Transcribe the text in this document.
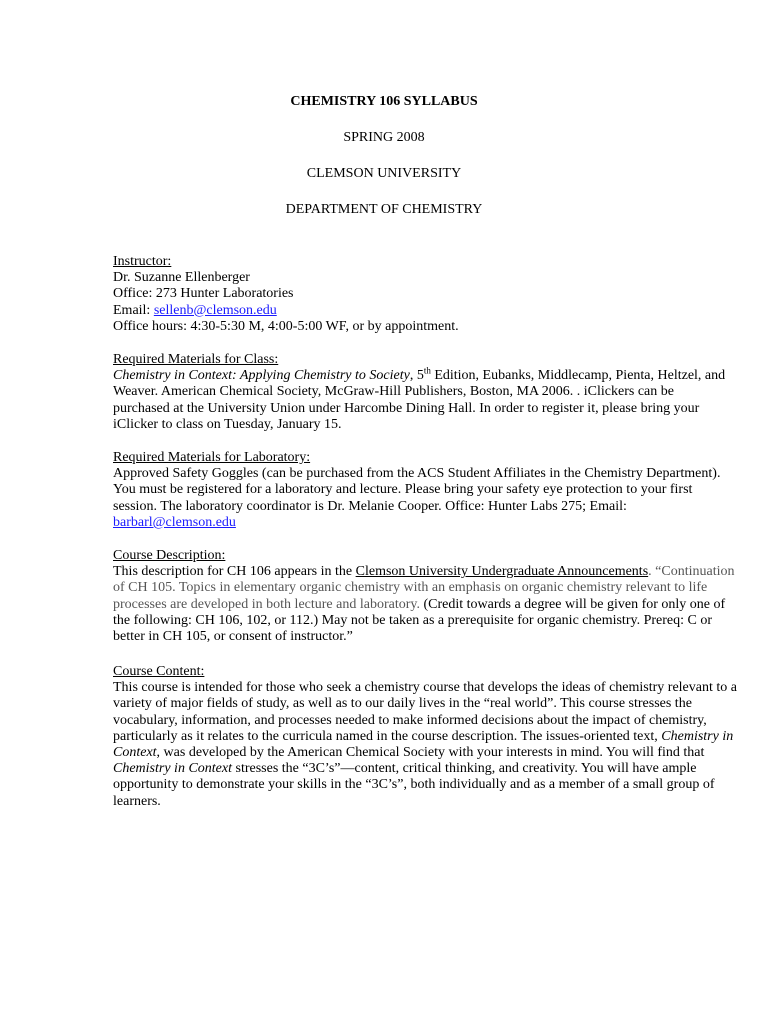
CHEMISTRY 106 SYLLABUS
SPRING 2008
CLEMSON UNIVERSITY
DEPARTMENT OF CHEMISTRY
Instructor:
Dr. Suzanne Ellenberger
Office: 273 Hunter Laboratories
Email: sellenb@clemson.edu
Office hours: 4:30-5:30 M, 4:00-5:00 WF, or by appointment.
Required Materials for Class:
Chemistry in Context: Applying Chemistry to Society, 5th Edition, Eubanks, Middlecamp, Pienta, Heltzel, and
Weaver. American Chemical Society, McGraw-Hill Publishers, Boston, MA 2006. . iClickers can be
purchased at the University Union under Harcombe Dining Hall. In order to register it, please bring your
iClicker to class on Tuesday, January 15.
Required Materials for Laboratory:
Approved Safety Goggles (can be purchased from the ACS Student Affiliates in the Chemistry Department).
You must be registered for a laboratory and lecture. Please bring your safety eye protection to your first
session. The laboratory coordinator is Dr. Melanie Cooper. Office: Hunter Labs 275; Email:
barbarl@clemson.edu
Course Description:
This description for CH 106 appears in the Clemson University Undergraduate Announcements. “Continuation
of CH 105. Topics in elementary organic chemistry with an emphasis on organic chemistry relevant to life
processes are developed in both lecture and laboratory. (Credit towards a degree will be given for only one of
the following: CH 106, 102, or 112.) May not be taken as a prerequisite for organic chemistry. Prereq: C or
better in CH 105, or consent of instructor.”
Course Content:
This course is intended for those who seek a chemistry course that develops the ideas of chemistry relevant to a
variety of major fields of study, as well as to our daily lives in the “real world”. This course stresses the
vocabulary, information, and processes needed to make informed decisions about the impact of chemistry,
particularly as it relates to the curricula named in the course description. The issues-oriented text, Chemistry in
Context, was developed by the American Chemical Society with your interests in mind. You will find that
Chemistry in Context stresses the “3C’s”—content, critical thinking, and creativity. You will have ample
opportunity to demonstrate your skills in the “3C’s”, both individually and as a member of a small group of
learners.
